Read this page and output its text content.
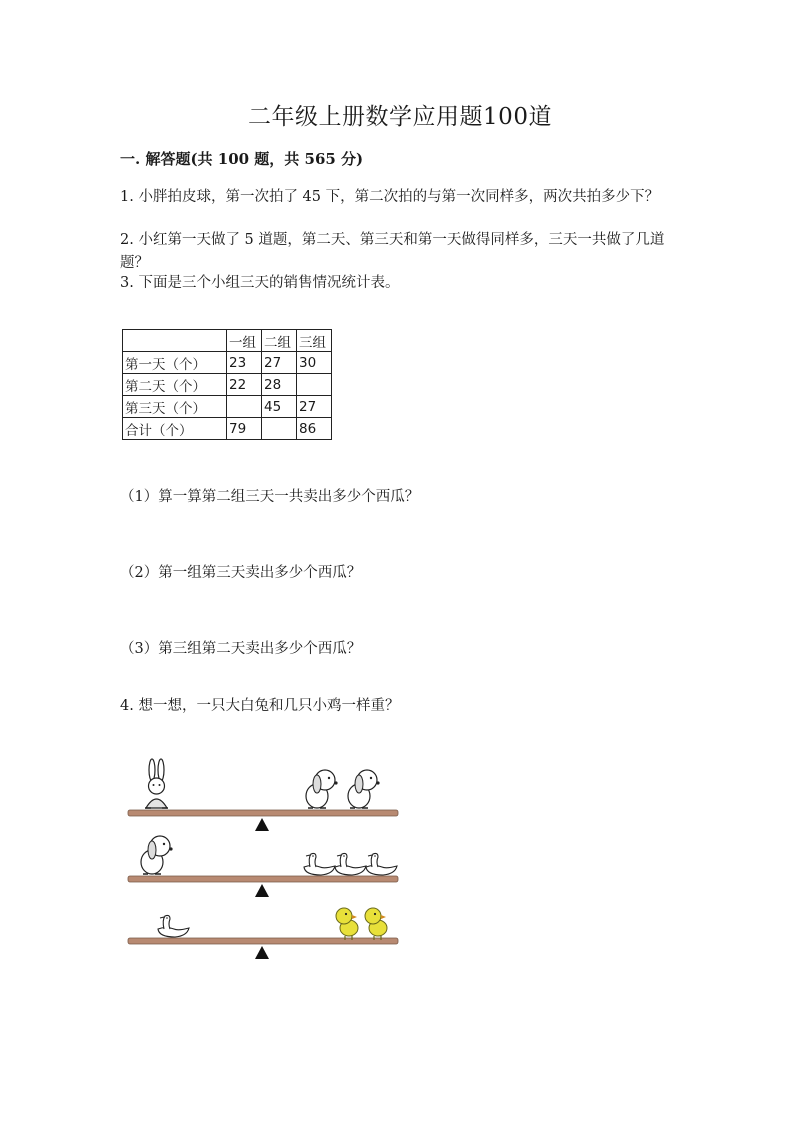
二年级上册数学应用题100道
一. 解答题(共 100 题，共 565 分)
1. 小胖拍皮球，第一次拍了 45 下，第二次拍的与第一次同样多，两次共拍多少下？
2. 小红第一天做了 5 道题，第二天、第三天和第一天做得同样多，三天一共做了几道题？
3. 下面是三个小组三天的销售情况统计表。
	一组	二组	三组
第一天（个）	23	27	30
第二天（个）	22	28	
第三天（个）		45	27
合计（个）	79		86
（1）算一算第二组三天一共卖出多少个西瓜？
（2）第一组第三天卖出多少个西瓜？
（3）第三组第二天卖出多少个西瓜？
4. 想一想，一只大白兔和几只小鸡一样重？
